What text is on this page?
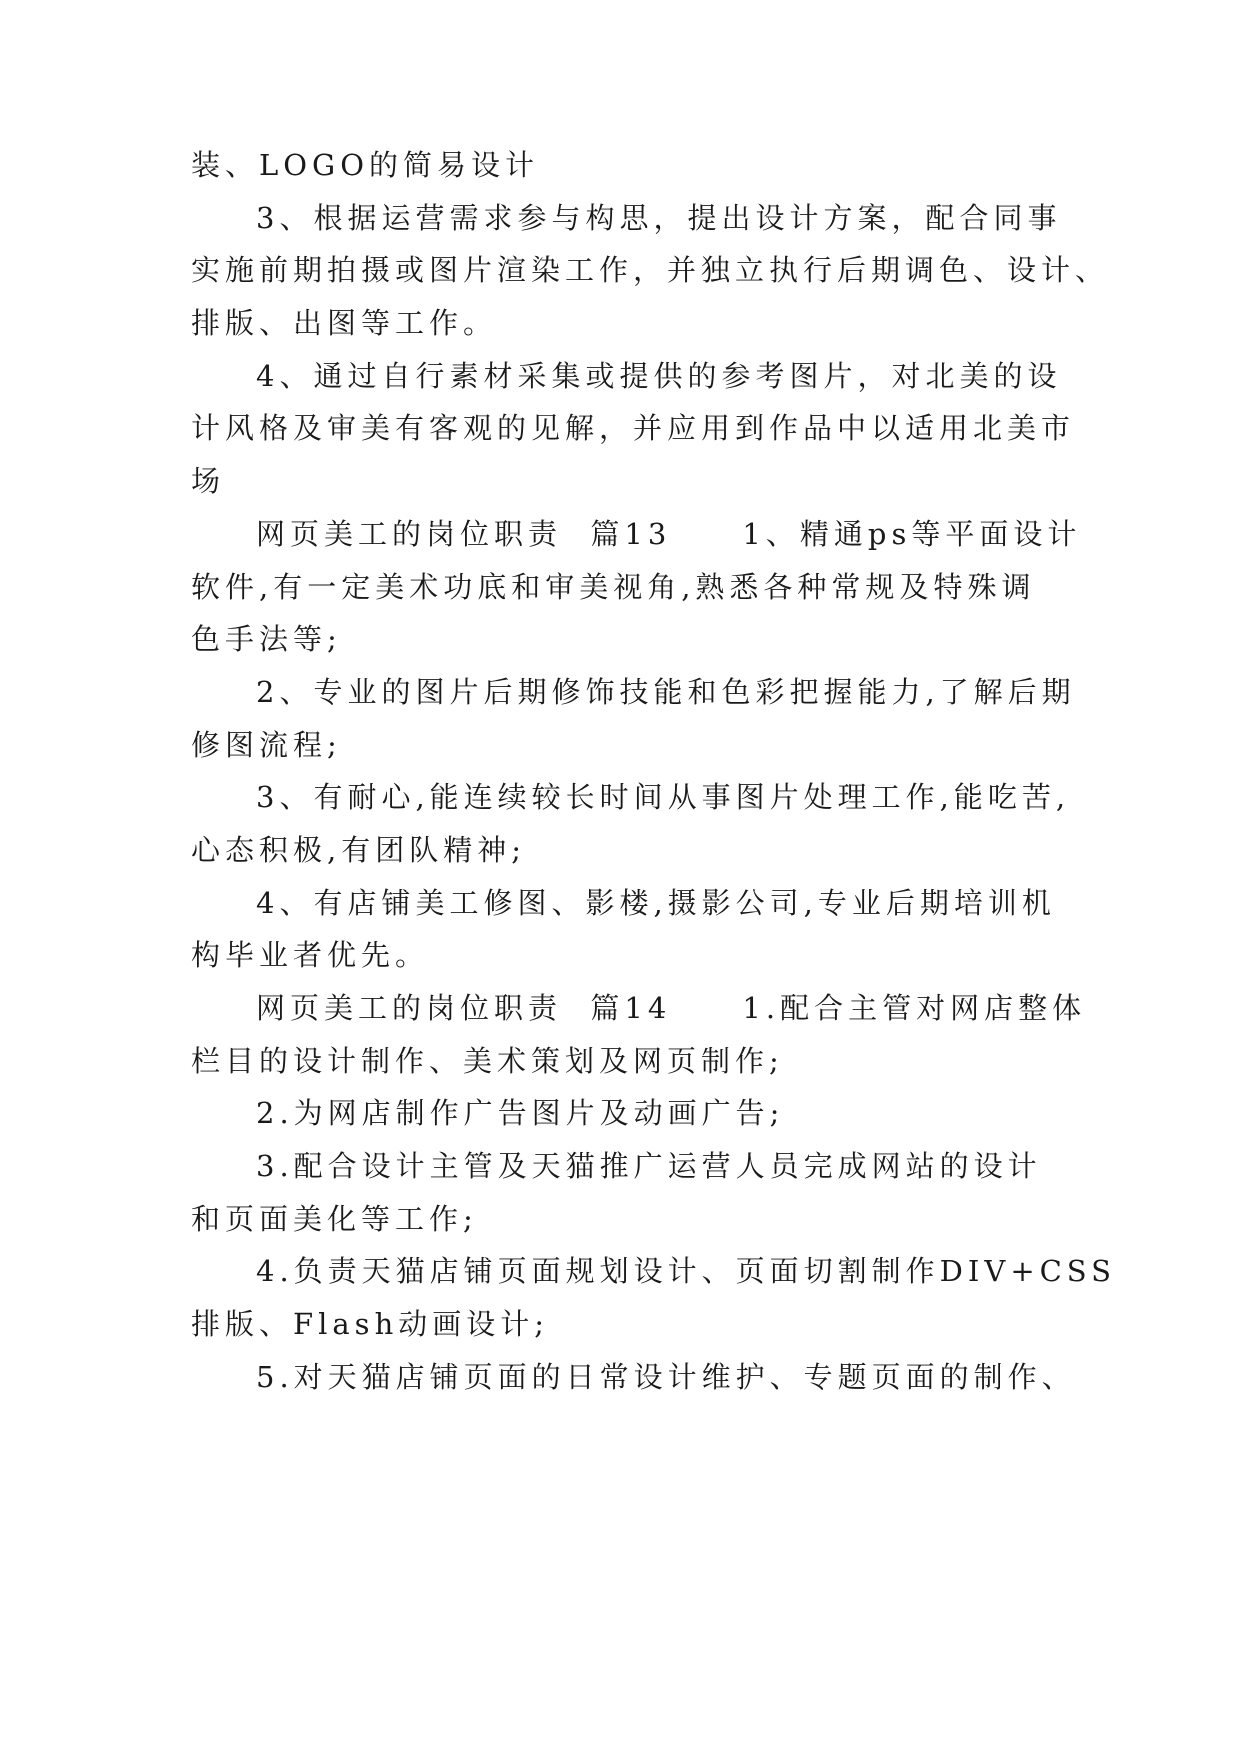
装、LOGO的简易设计
3、根据运营需求参与构思，提出设计方案，配合同事
实施前期拍摄或图片渲染工作，并独立执行后期调色、设计、
排版、出图等工作。
4、通过自行素材采集或提供的参考图片，对北美的设
计风格及审美有客观的见解，并应用到作品中以适用北美市
场
网页美工的岗位职责  篇13     1、精通ps等平面设计
软件,有一定美术功底和审美视角,熟悉各种常规及特殊调
色手法等;
2、专业的图片后期修饰技能和色彩把握能力,了解后期
修图流程;
3、有耐心,能连续较长时间从事图片处理工作,能吃苦,
心态积极,有团队精神;
4、有店铺美工修图、影楼,摄影公司,专业后期培训机
构毕业者优先。
网页美工的岗位职责  篇14     1.配合主管对网店整体
栏目的设计制作、美术策划及网页制作;
2.为网店制作广告图片及动画广告;
3.配合设计主管及天猫推广运营人员完成网站的设计
和页面美化等工作;
4.负责天猫店铺页面规划设计、页面切割制作DIV+CSS
排版、Flash动画设计;
5.对天猫店铺页面的日常设计维护、专题页面的制作、
